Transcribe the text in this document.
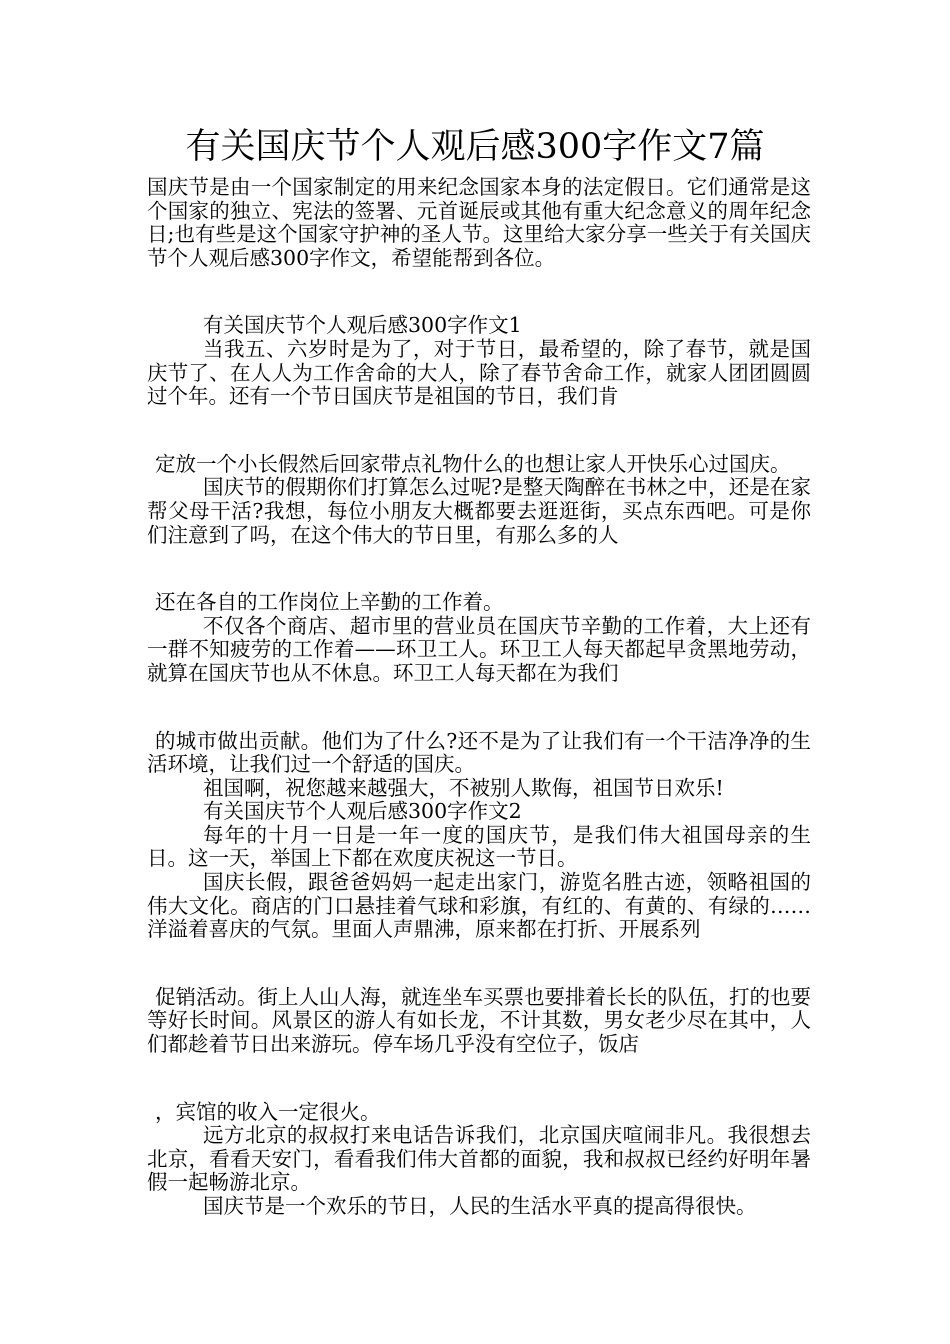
有关国庆节个人观后感300字作文7篇

国庆节是由一个国家制定的用来纪念国家本身的法定假日。它们通常是这个国家的独立、宪法的签署、元首诞辰或其他有重大纪念意义的周年纪念日;也有些是这个国家守护神的圣人节。这里给大家分享一些关于有关国庆节个人观后感300字作文，希望能帮到各位。

有关国庆节个人观后感300字作文1

当我五、六岁时是为了，对于节日，最希望的，除了春节，就是国庆节了、在人人为工作舍命的大人，除了春节舍命工作，就家人团团圆圆过个年。还有一个节日国庆节是祖国的节日，我们肯

定放一个小长假然后回家带点礼物什么的也想让家人开快乐心过国庆。

国庆节的假期你们打算怎么过呢?是整天陶醉在书林之中，还是在家帮父母干活?我想，每位小朋友大概都要去逛逛街，买点东西吧。可是你们注意到了吗，在这个伟大的节日里，有那么多的人

还在各自的工作岗位上辛勤的工作着。

不仅各个商店、超市里的营业员在国庆节辛勤的工作着，大上还有一群不知疲劳的工作着——环卫工人。环卫工人每天都起早贪黑地劳动，就算在国庆节也从不休息。环卫工人每天都在为我们

的城市做出贡献。他们为了什么?还不是为了让我们有一个干洁净净的生活环境，让我们过一个舒适的国庆。

祖国啊，祝您越来越强大，不被别人欺侮，祖国节日欢乐!

有关国庆节个人观后感300字作文2

每年的十月一日是一年一度的国庆节，是我们伟大祖国母亲的生日。这一天，举国上下都在欢度庆祝这一节日。

国庆长假，跟爸爸妈妈一起走出家门，游览名胜古迹，领略祖国的伟大文化。商店的门口悬挂着气球和彩旗，有红的、有黄的、有绿的……洋溢着喜庆的气氛。里面人声鼎沸，原来都在打折、开展系列

促销活动。街上人山人海，就连坐车买票也要排着长长的队伍，打的也要等好长时间。风景区的游人有如长龙，不计其数，男女老少尽在其中，人们都趁着节日出来游玩。停车场几乎没有空位子，饭店

，宾馆的收入一定很火。

远方北京的叔叔打来电话告诉我们，北京国庆喧闹非凡。我很想去北京，看看天安门，看看我们伟大首都的面貌，我和叔叔已经约好明年暑假一起畅游北京。

国庆节是一个欢乐的节日，人民的生活水平真的提高得很快。
